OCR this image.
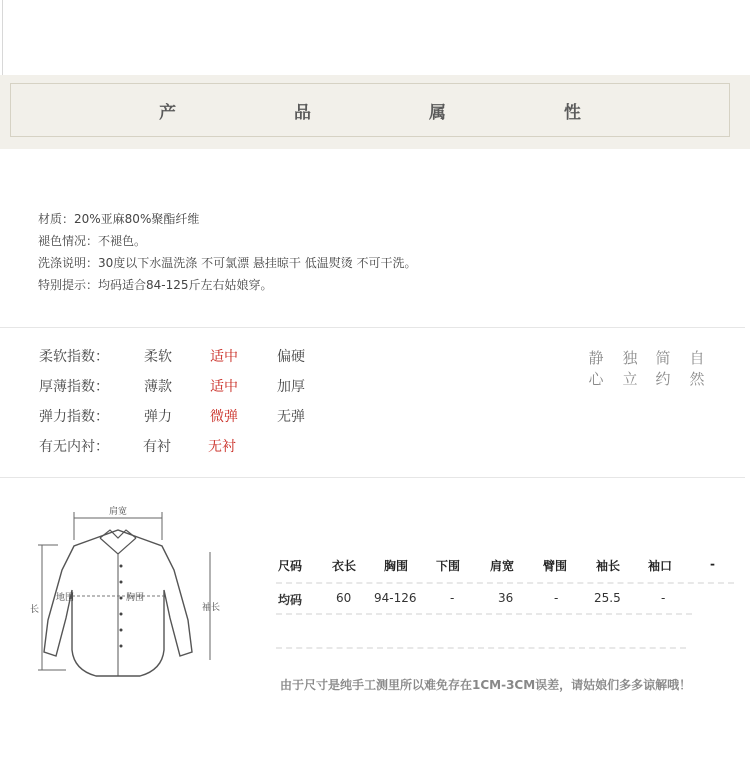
产 品 属 性
材质：20%亚麻80%聚酯纤维
褪色情况：不褪色。
洗涤说明：30度以下水温洗涤 不可氯漂 悬挂晾干 低温熨烫 不可干洗。
特别提示：均码适合84-125斤左右姑娘穿。
柔软指数：	柔软	适中	偏硬
厚薄指数：	薄款	适中	加厚
弹力指数：	弹力	微弹	无弹
有无内衬： 有衬	无衬
静 独 简 自
心 立 约 然
肩宽
长	袖长
地围	胸围
尺码 衣长 胸围 下围 肩宽 臂围 袖长 袖口	-
均码	60 94-126	-	36	-	25.5	-
由于尺寸是纯手工测里所以难免存在1CM-3CM误差，请姑娘们多多谅解哦！
